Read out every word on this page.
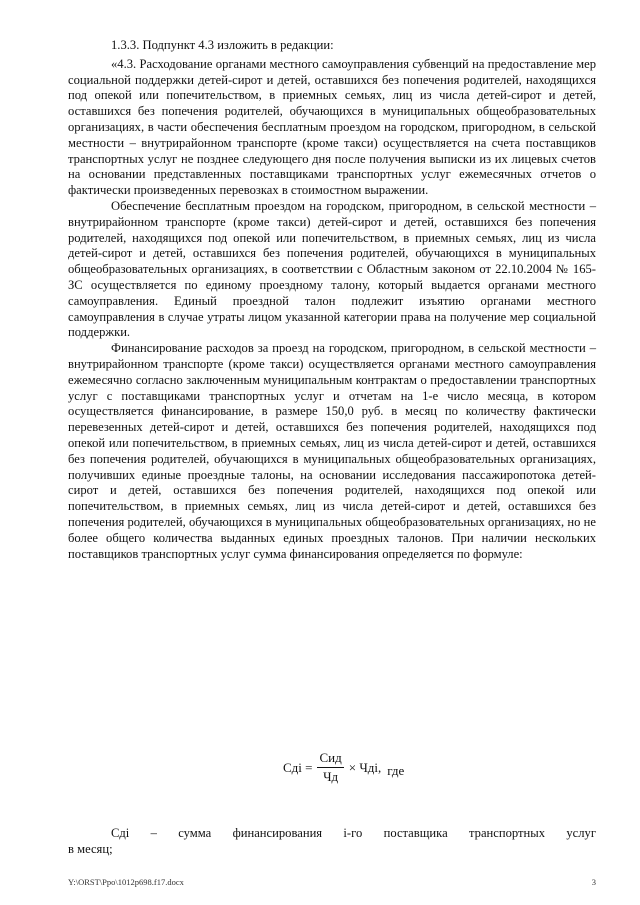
1.3.3. Подпункт 4.3 изложить в редакции:

«4.3. Расходование органами местного самоуправления субвенций на предоставление мер социальной поддержки детей-сирот и детей, оставшихся без попечения родителей, находящихся под опекой или попечительством, в приемных семьях, лиц из числа детей-сирот и детей, оставшихся без попечения родителей, обучающихся в муниципальных общеобразовательных организациях, в части обеспечения бесплатным проездом на городском, пригородном, в сельской местности – внутрирайонном транспорте (кроме такси) осуществляется на счета поставщиков транспортных услуг не позднее следующего дня после получения выписки из их лицевых счетов на основании представленных поставщиками транспортных услуг ежемесячных отчетов о фактически произведенных перевозках в стоимостном выражении.

Обеспечение бесплатным проездом на городском, пригородном, в сельской местности – внутрирайонном транспорте (кроме такси) детей-сирот и детей, оставшихся без попечения родителей, находящихся под опекой или попечительством, в приемных семьях, лиц из числа детей-сирот и детей, оставшихся без попечения родителей, обучающихся в муниципальных общеобразовательных организациях, в соответствии с Областным законом от 22.10.2004 № 165-ЗС осуществляется по единому проездному талону, который выдается органами местного самоуправления. Единый проездной талон подлежит изъятию органами местного самоуправления в случае утраты лицом указанной категории права на получение мер социальной поддержки.

Финансирование расходов за проезд на городском, пригородном, в сельской местности – внутрирайонном транспорте (кроме такси) осуществляется органами местного самоуправления ежемесячно согласно заключенным муниципальным контрактам о предоставлении транспортных услуг с поставщиками транспортных услуг и отчетам на 1-е число месяца, в котором осуществляется финансирование, в размере 150,0 руб. в месяц по количеству фактически перевезенных детей-сирот и детей, оставшихся без попечения родителей, находящихся под опекой или попечительством, в приемных семьях, лиц из числа детей-сирот и детей, оставшихся без попечения родителей, обучающихся в муниципальных общеобразовательных организациях, получивших единые проездные талоны, на основании исследования пассажиропотока детей-сирот и детей, оставшихся без попечения родителей, находящихся под опекой или попечительством, в приемных семьях, лиц из числа детей-сирот и детей, оставшихся без попечения родителей, обучающихся в муниципальных общеобразовательных организациях, но не более общего количества выданных единых проездных талонов. При наличии нескольких поставщиков транспортных услуг сумма финансирования определяется по формуле:

Сдi = $\frac{\text{Сид}}{Чд}$ × Чдi, где
Сдi – сумма финансирования i-го поставщика транспортных услуг
в месяц;
Y:\ORST\Ppo\1012p698.f17.docx	3
